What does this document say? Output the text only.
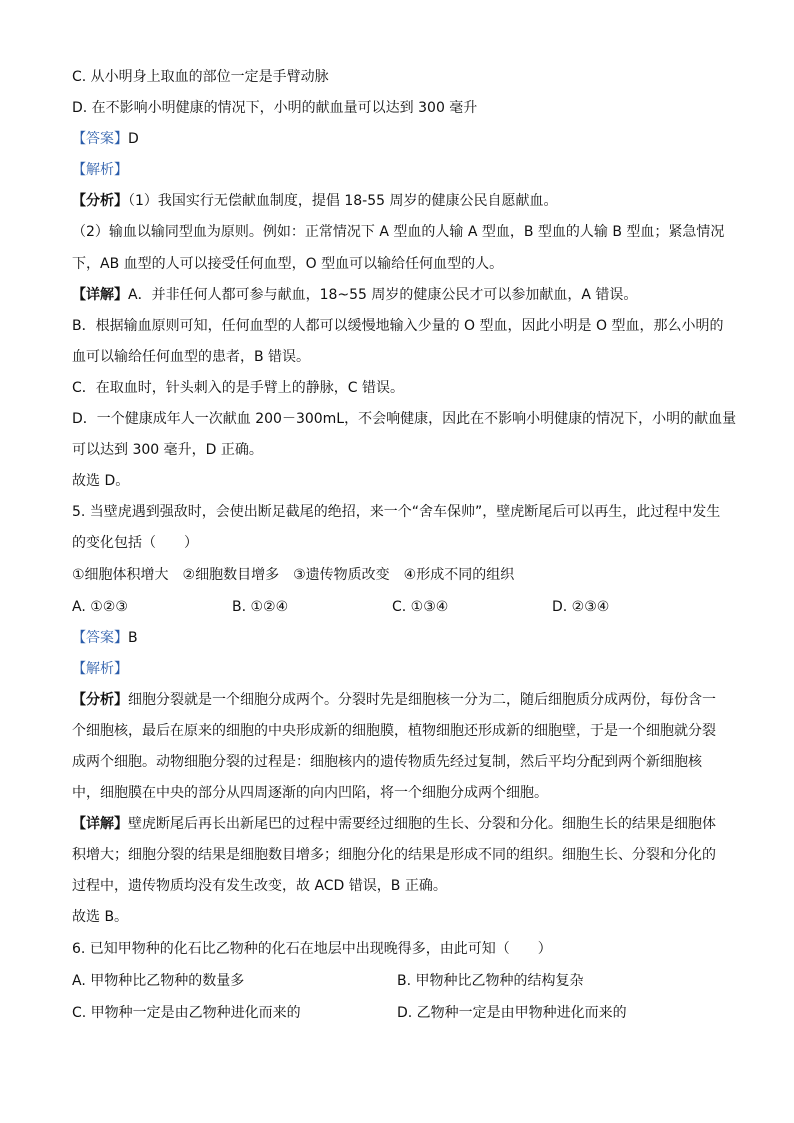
C. 从小明身上取血的部位一定是手臂动脉
D. 在不影响小明健康的情况下，小明的献血量可以达到 300 毫升
【答案】D
【解析】
【分析】（1）我国实行无偿献血制度，提倡 18-55 周岁的健康公民自愿献血。
（2）输血以输同型血为原则。例如：正常情况下 A 型血的人输 A 型血，B 型血的人输 B 型血；紧急情况
下，AB 血型的人可以接受任何血型，O 型血可以输给任何血型的人。
【详解】A．并非任何人都可参与献血，18~55 周岁的健康公民才可以参加献血，A 错误。
B．根据输血原则可知，任何血型的人都可以缓慢地输入少量的 O 型血，因此小明是 O 型血，那么小明的
血可以输给任何血型的患者，B 错误。
C．在取血时，针头刺入的是手臂上的静脉，C 错误。
D．一个健康成年人一次献血 200－300mL，不会响健康，因此在不影响小明健康的情况下，小明的献血量
可以达到 300 毫升，D 正确。
故选 D。
5. 当壁虎遇到强敌时，会使出断足截尾的绝招，来一个“舍车保帅”，壁虎断尾后可以再生，此过程中发生
的变化包括（　　）
①细胞体积增大　②细胞数目增多　③遗传物质改变　④形成不同的组织
A. ①②③	B. ①②④	C. ①③④	D. ②③④
【答案】B
【解析】
【分析】细胞分裂就是一个细胞分成两个。分裂时先是细胞核一分为二，随后细胞质分成两份，每份含一
个细胞核，最后在原来的细胞的中央形成新的细胞膜，植物细胞还形成新的细胞壁，于是一个细胞就分裂
成两个细胞。动物细胞分裂的过程是：细胞核内的遗传物质先经过复制，然后平均分配到两个新细胞核
中，细胞膜在中央的部分从四周逐渐的向内凹陷，将一个细胞分成两个细胞。
【详解】壁虎断尾后再长出新尾巴的过程中需要经过细胞的生长、分裂和分化。细胞生长的结果是细胞体
积增大；细胞分裂的结果是细胞数目增多；细胞分化的结果是形成不同的组织。细胞生长、分裂和分化的
过程中，遗传物质均没有发生改变，故 ACD 错误，B 正确。
故选 B。
6. 已知甲物种的化石比乙物种的化石在地层中出现晚得多，由此可知（　　）
A. 甲物种比乙物种的数量多	B. 甲物种比乙物种的结构复杂
C. 甲物种一定是由乙物种进化而来的	D. 乙物种一定是由甲物种进化而来的
